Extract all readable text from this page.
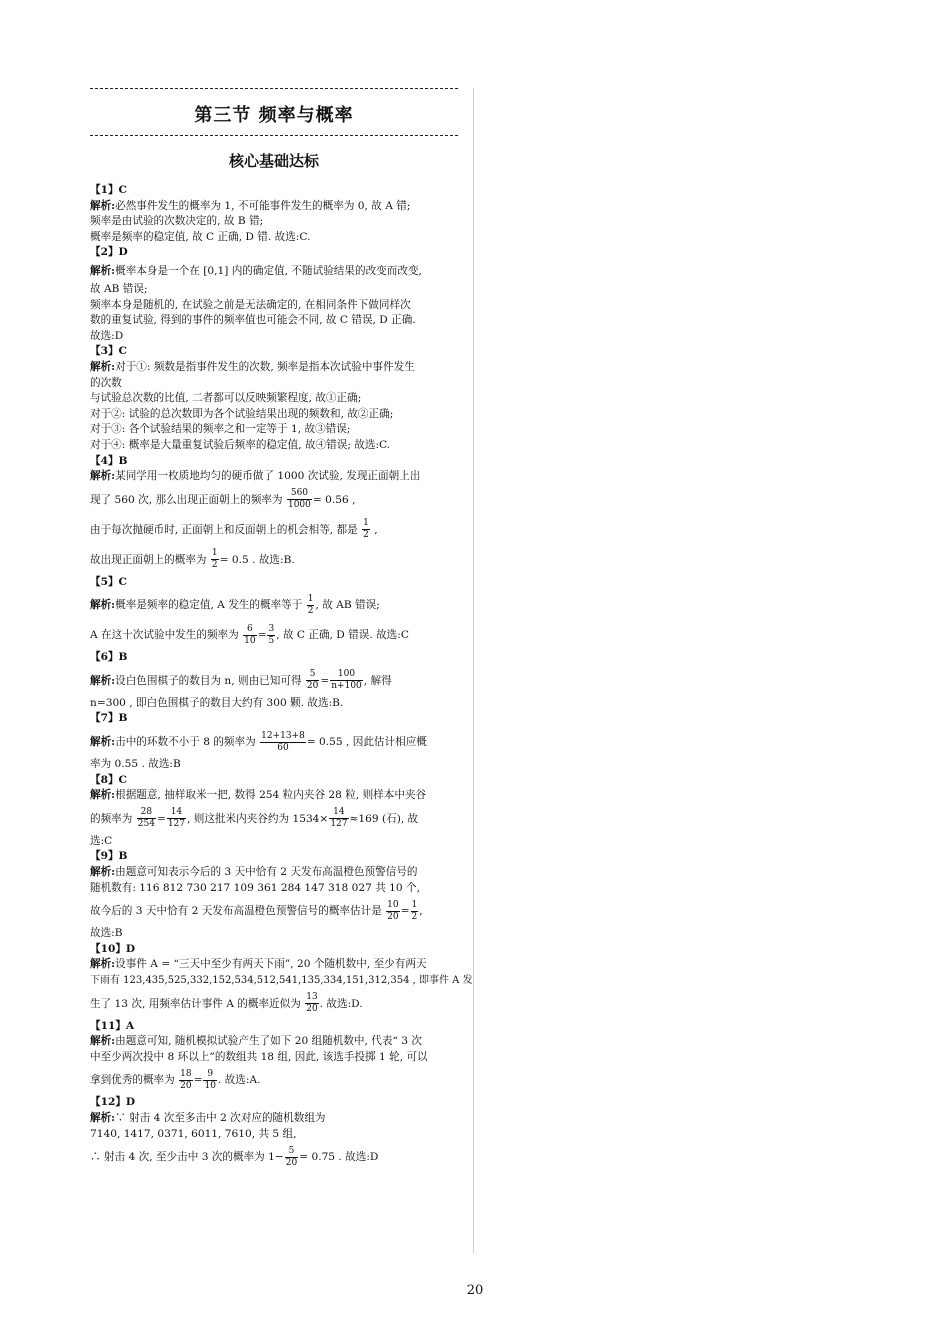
第三节 频率与概率
核心基础达标
【1】C
解析:必然事件发生的概率为 1, 不可能事件发生的概率为 0, 故 A 错;
频率是由试验的次数决定的, 故 B 错;
概率是频率的稳定值, 故 C 正确, D 错. 故选:C.
【2】D
解析:概率本身是一个在 [0,1] 内的确定值, 不随试验结果的改变而改变,
故 AB 错误;
频率本身是随机的, 在试验之前是无法确定的, 在相同条件下做同样次
数的重复试验, 得到的事件的频率值也可能会不同, 故 C 错误, D 正确.
故选:D
【3】C
解析:对于①: 频数是指事件发生的次数, 频率是指本次试验中事件发生
的次数
与试验总次数的比值, 二者都可以反映频繁程度, 故①正确;
对于②: 试验的总次数即为各个试验结果出现的频数和, 故②正确;
对于③: 各个试验结果的频率之和一定等于 1, 故③错误;
对于④: 概率是大量重复试验后频率的稳定值, 故④错误; 故选:C.
【4】B
解析:某同学用一枚质地均匀的硬币做了 1000 次试验, 发现正面朝上出
现了 560 次, 那么出现正面朝上的频率为 $\frac{560}{1000} = 0.56$ ,
由于每次抛硬币时, 正面朝上和反面朝上的机会相等, 都是 $\frac{1}{2}$ ,
故出现正面朝上的概率为 $\frac{1}{2} = 0.5$ . 故选:B.
【5】C
解析:概率是频率的稳定值, A 发生的概率等于 $\frac{1}{2}$ , 故 AB 错误;
A 在这十次试验中发生的频率为 $\frac{6}{10} = \frac{3}{5}$ , 故 C 正确, D 错误. 故选:C
【6】B
解析:设白色围棋子的数目为 n, 则由已知可得 $\frac{5}{20} = \frac{100}{n+100}$ , 解得
n=300 , 即白色围棋子的数目大约有 300 颗. 故选:B.
【7】B
解析:击中的环数不小于 8 的频率为 $\frac{12+13+8}{60} = 0.55$ , 因此估计相应概
率为 0.55 . 故选:B
【8】C
解析:根据题意, 抽样取米一把, 数得 254 粒内夹谷 28 粒, 则样本中夹谷
的频率为 $\frac{28}{254} = \frac{14}{127}$ , 则这批米内夹谷约为 $1534\times \frac{14}{127} \approx 169$ (石), 故
选:C
【9】B
解析:由题意可知表示今后的 3 天中恰有 2 天发布高温橙色预警信号的
随机数有: 116 812 730 217 109 361 284 147 318 027 共 10 个,
故今后的 3 天中恰有 2 天发布高温橙色预警信号的概率估计是 $\frac{10}{20} = \frac{1}{2}$ ,
故选:B
【10】D
解析:设事件 A = “三天中至少有两天下雨”, 20 个随机数中, 至少有两天
下雨有 123,435,525,332,152,534,512,541,135,334,151,312,354 , 即事件 A 发
生了 13 次, 用频率估计事件 A 的概率近似为 $\frac{13}{20}$ . 故选:D.
【11】A
解析:由题意可知, 随机模拟试验产生了如下 20 组随机数中, 代表“ 3 次
中至少两次投中 8 环以上”的数组共 18 组, 因此, 该选手投掷 1 轮, 可以
拿到优秀的概率为 $\frac{18}{20} = \frac{9}{10}$ . 故选:A.
【12】D
解析:∵ 射击 4 次至多击中 2 次对应的随机数组为
7140, 1417, 0371, 6011, 7610, 共 5 组,
∴ 射击 4 次, 至少击中 3 次的概率为 $1- \frac{5}{20} = 0.75$ . 故选:D
20
